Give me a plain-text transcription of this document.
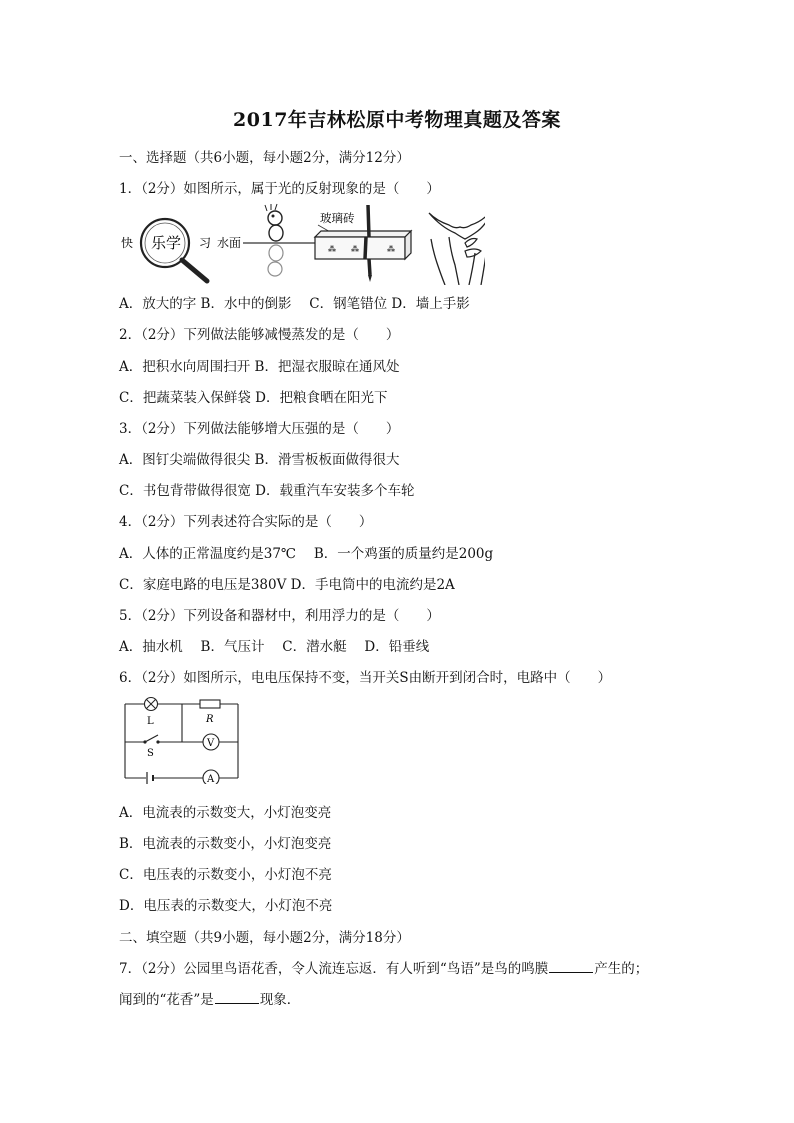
2017年吉林松原中考物理真题及答案
一、选择题（共6小题，每小题2分，满分12分）
1．（2分）如图所示，属于光的反射现象的是（　　）
快 乐学 习 水面
玻璃砖
⁂ ⁂	⁂
A．放大的字 B．水中的倒影　 C．钢笔错位 D．墙上手影
2．（2分）下列做法能够减慢蒸发的是（　　）
A．把积水向周围扫开 B．把湿衣服晾在通风处
C．把蔬菜装入保鲜袋 D．把粮食晒在阳光下
3．（2分）下列做法能够增大压强的是（　　）
A．图钉尖端做得很尖 B．滑雪板板面做得很大
C．书包背带做得很宽 D．载重汽车安装多个车轮
4．（2分）下列表述符合实际的是（　　）
A．人体的正常温度约是37℃　 B．一个鸡蛋的质量约是200g
C．家庭电路的电压是380V D．手电筒中的电流约是2A
5．（2分）下列设备和器材中，利用浮力的是（　　）
A．抽水机　 B．气压计　 C．潜水艇　 D．铅垂线
6．（2分）如图所示，电电压保持不变，当开关S由断开到闭合时，电路中（　　）
L	R
S
V
A
A．电流表的示数变大，小灯泡变亮
B．电流表的示数变小，小灯泡变亮
C．电压表的示数变小，小灯泡不亮
D．电压表的示数变大，小灯泡不亮
二、填空题（共9小题，每小题2分，满分18分）
7．（2分）公园里鸟语花香，令人流连忘返．有人听到“鸟语”是鸟的鸣膜	产生的；
闻到的“花香”是	现象．
